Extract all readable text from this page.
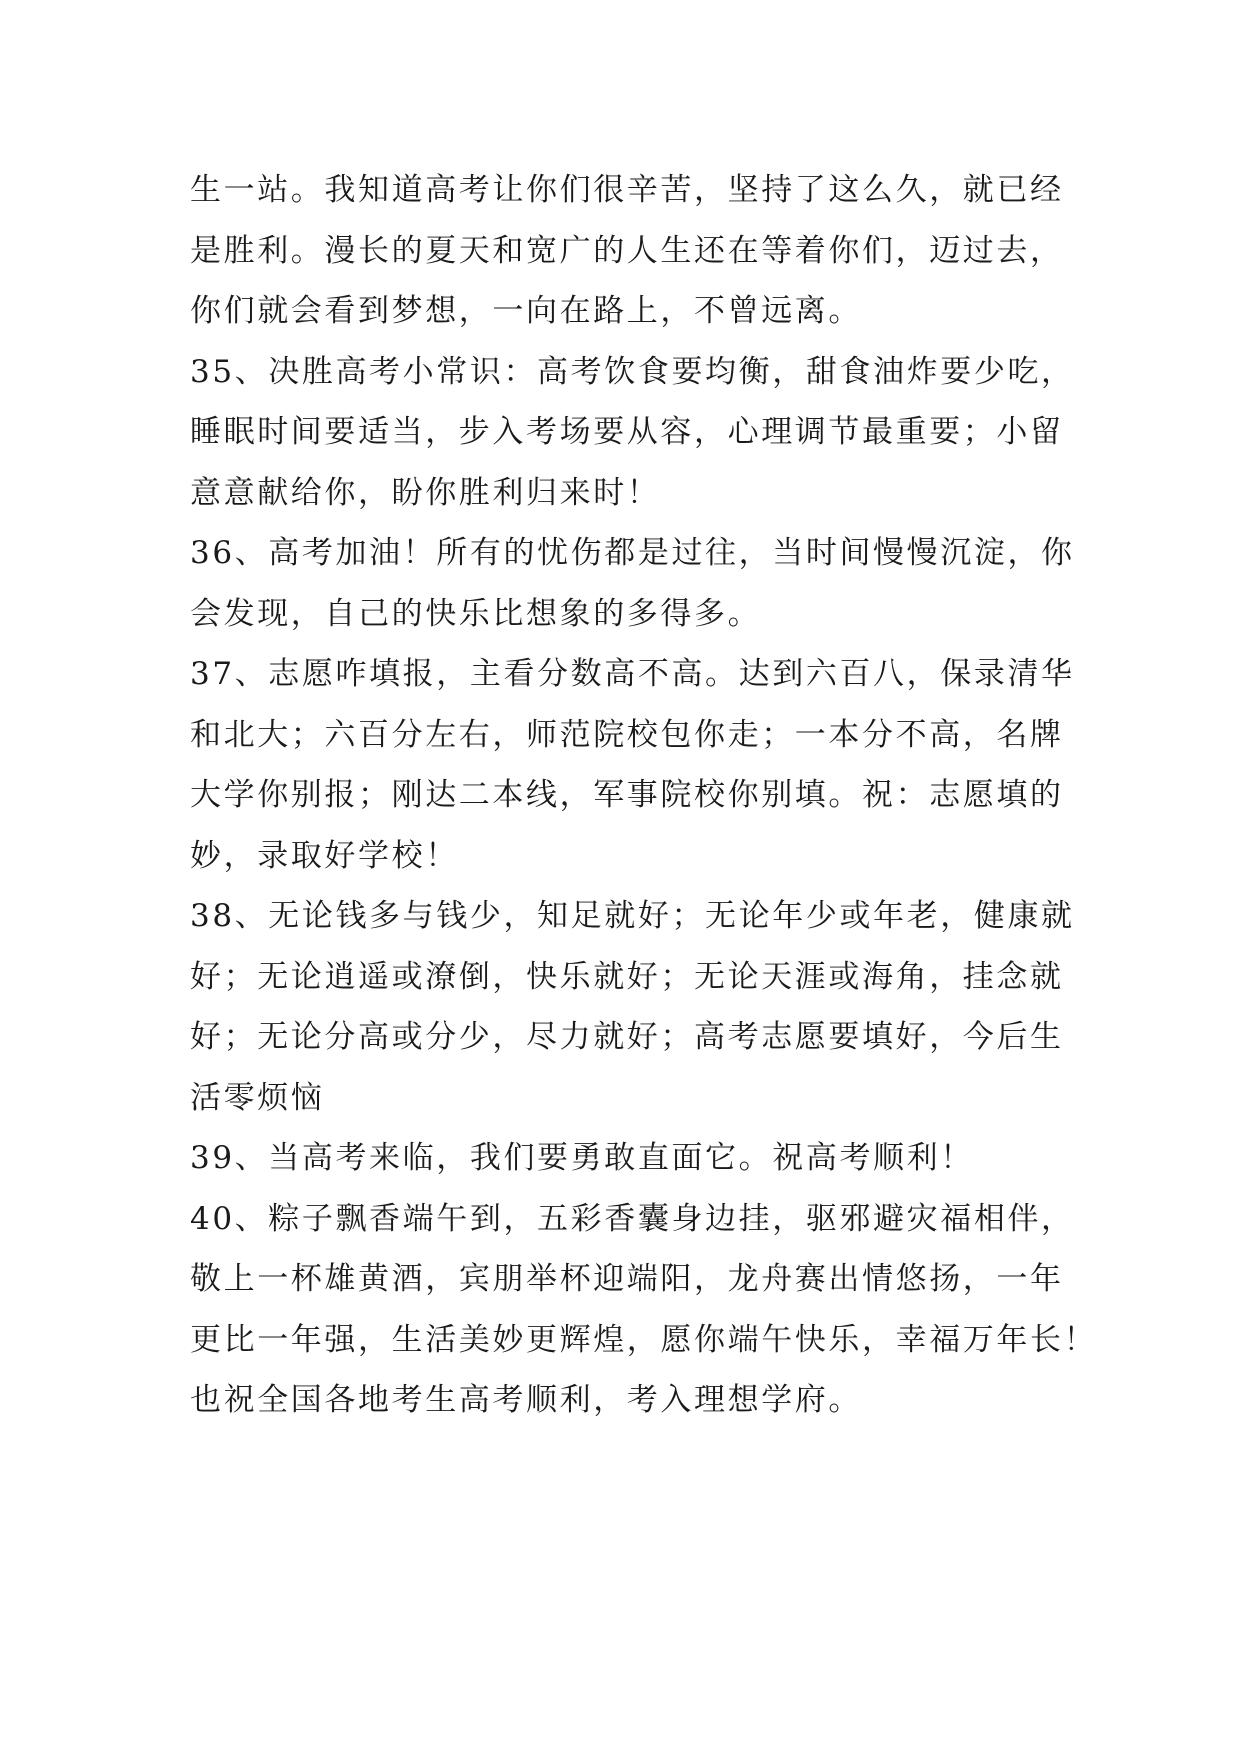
生一站。我知道高考让你们很辛苦，坚持了这么久，就已经
是胜利。漫长的夏天和宽广的人生还在等着你们，迈过去，
你们就会看到梦想，一向在路上，不曾远离。
35、决胜高考小常识：高考饮食要均衡，甜食油炸要少吃，
睡眠时间要适当，步入考场要从容，心理调节最重要；小留
意意献给你，盼你胜利归来时！
36、高考加油！所有的忧伤都是过往，当时间慢慢沉淀，你
会发现，自己的快乐比想象的多得多。
37、志愿咋填报，主看分数高不高。达到六百八，保录清华
和北大；六百分左右，师范院校包你走；一本分不高，名牌
大学你别报；刚达二本线，军事院校你别填。祝：志愿填的
妙，录取好学校！
38、无论钱多与钱少，知足就好；无论年少或年老，健康就
好；无论逍遥或潦倒，快乐就好；无论天涯或海角，挂念就
好；无论分高或分少，尽力就好；高考志愿要填好，今后生
活零烦恼
39、当高考来临，我们要勇敢直面它。祝高考顺利！
40、粽子飘香端午到，五彩香囊身边挂，驱邪避灾福相伴，
敬上一杯雄黄酒，宾朋举杯迎端阳，龙舟赛出情悠扬，一年
更比一年强，生活美妙更辉煌，愿你端午快乐，幸福万年长！
也祝全国各地考生高考顺利，考入理想学府。
